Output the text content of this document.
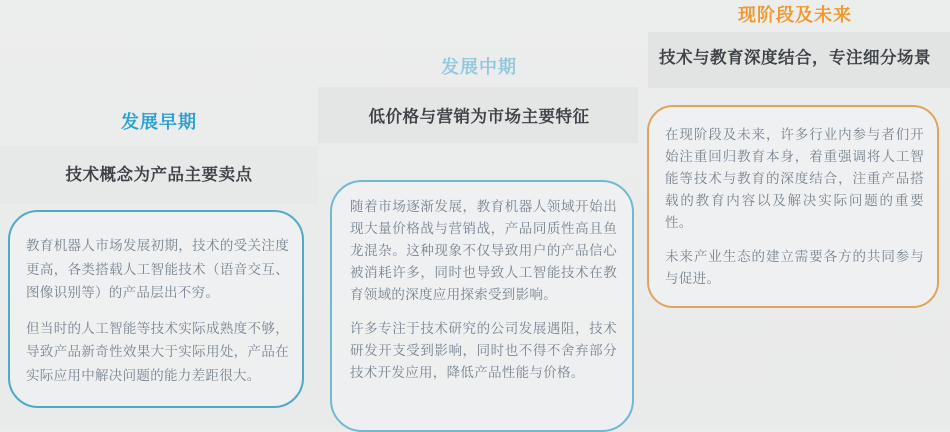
发展早期
技术概念为产品主要卖点

教育机器人市场发展初期，技术的受关注度更高，各类搭载人工智能技术（语音交互、图像识别等）的产品层出不穷。

但当时的人工智能等技术实际成熟度不够，导致产品新奇性效果大于实际用处，产品在实际应用中解决问题的能力差距很大。

发展中期
低价格与营销为市场主要特征

随着市场逐渐发展，教育机器人领域开始出现大量价格战与营销战，产品同质性高且鱼龙混杂。这种现象不仅导致用户的产品信心被消耗许多，同时也导致人工智能技术在教育领域的深度应用探索受到影响。

许多专注于技术研究的公司发展遇阻，技术研发开支受到影响，同时也不得不舍弃部分技术开发应用，降低产品性能与价格。

现阶段及未来
技术与教育深度结合，专注细分场景

在现阶段及未来，许多行业内参与者们开始注重回归教育本身，着重强调将人工智能等技术与教育的深度结合，注重产品搭载的教育内容以及解决实际问题的重要性。

未来产业生态的建立需要各方的共同参与与促进。
